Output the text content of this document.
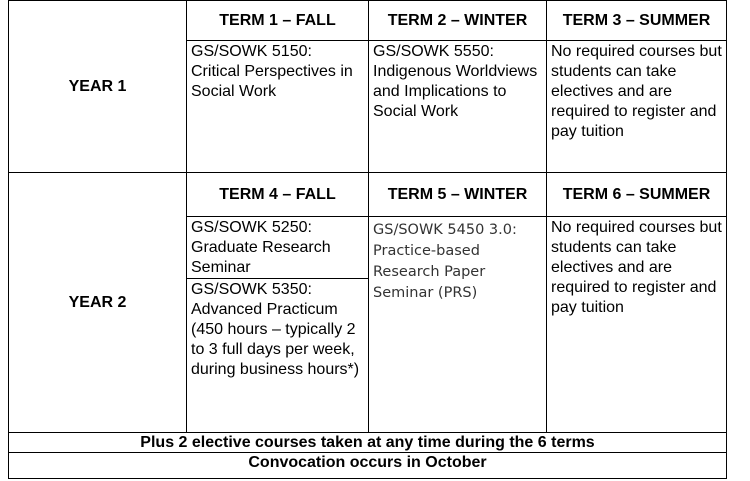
YEAR 1	TERM 1 – FALL	TERM 2 – WINTER	TERM 3 – SUMMER
	GS/SOWK 5150: Critical Perspectives in Social Work	GS/SOWK 5550: Indigenous Worldviews and Implications to Social Work	No required courses but students can take electives and are required to register and pay tuition
YEAR 2	TERM 4 – FALL	TERM 5 – WINTER	TERM 6 – SUMMER
	GS/SOWK 5250: Graduate Research Seminar	GS/SOWK 5450 3.0: Practice-based Research Paper Seminar (PRS)	No required courses but students can take electives and are required to register and pay tuition
	GS/SOWK 5350: Advanced Practicum (450 hours – typically 2 to 3 full days per week, during business hours*)		
Plus 2 elective courses taken at any time during the 6 terms			
Convocation occurs in October			
